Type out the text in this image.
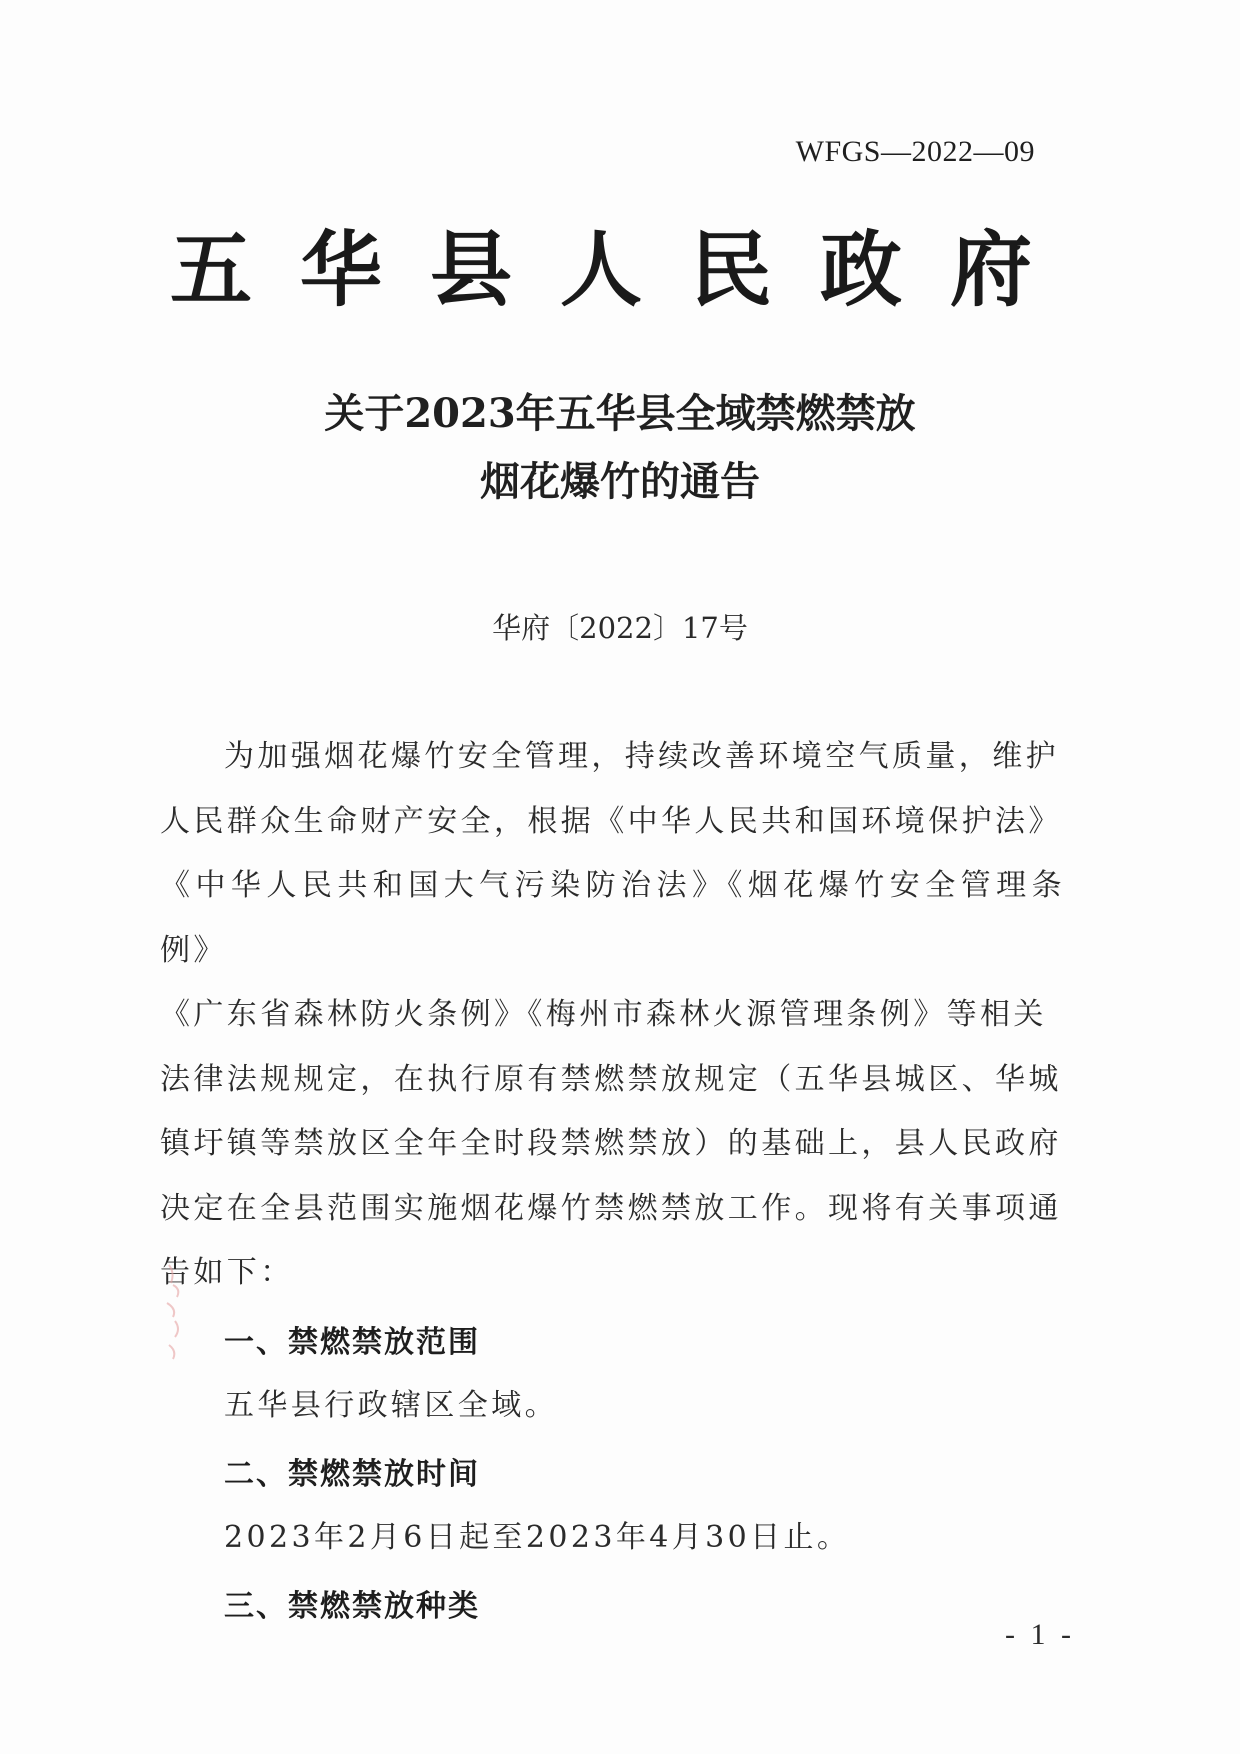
WFGS—2022—09
五华县人民政府
关于2023年五华县全域禁燃禁放
烟花爆竹的通告
华府〔2022〕17号

为加强烟花爆竹安全管理，持续改善环境空气质量，维护

人民群众生命财产安全，根据《中华人民共和国环境保护法》

《中华人民共和国大气污染防治法》《烟花爆竹安全管理条例》

《广东省森林防火条例》《梅州市森林火源管理条例》等相关

法律法规规定，在执行原有禁燃禁放规定（五华县城区、华城

镇圩镇等禁放区全年全时段禁燃禁放）的基础上，县人民政府

决定在全县范围实施烟花爆竹禁燃禁放工作。现将有关事项通

告如下：

一、禁燃禁放范围

五华县行政辖区全域。

二、禁燃禁放时间

2023年2月6日起至2023年4月30日止。

三、禁燃禁放种类

- 1 -
